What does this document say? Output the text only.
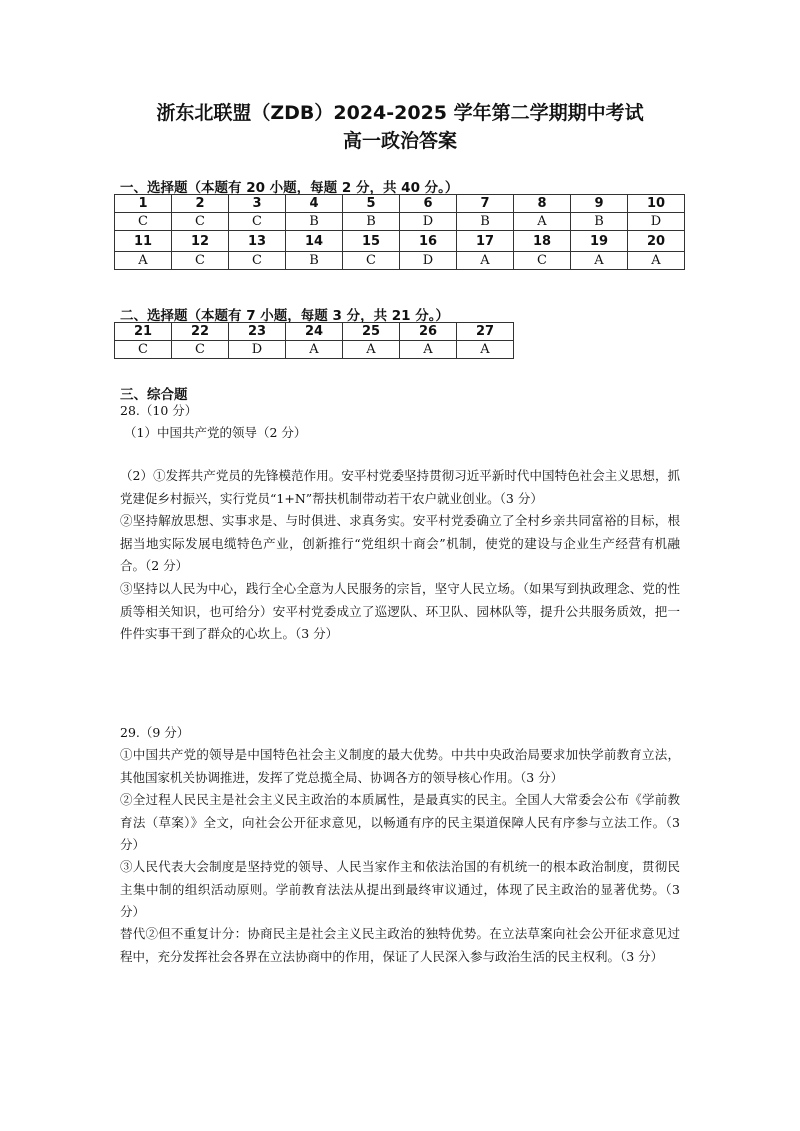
浙东北联盟（ZDB）2024-2025 学年第二学期期中考试
高一政治答案
一、选择题（本题有 20 小题，每题 2 分，共 40 分。）
1	2	3	4	5	6	7	8	9	10
C	C	C	B	B	D	B	A	B	D
11	12	13	14	15	16	17	18	19	20
A	C	C	B	C	D	A	C	A	A
二、选择题（本题有 7 小题，每题 3 分，共 21 分。）
21	22	23	24	25	26	27
C	C	D	A	A	A	A
三、综合题
28.（10 分）
（1）中国共产党的领导（2 分）
（2）①发挥共产党员的先锋模范作用。安平村党委坚持贯彻习近平新时代中国特色社会主义思想，抓党建促乡村振兴，实行党员“1+N”帮扶机制带动若干农户就业创业。（3 分）
②坚持解放思想、实事求是、与时俱进、求真务实。安平村党委确立了全村乡亲共同富裕的目标，根据当地实际发展电缆特色产业，创新推行“党组织十商会”机制，使党的建设与企业生产经营有机融合。（2 分）
③坚持以人民为中心，践行全心全意为人民服务的宗旨，坚守人民立场。（如果写到执政理念、党的性质等相关知识，也可给分）安平村党委成立了巡逻队、环卫队、园林队等，提升公共服务质效，把一件件实事干到了群众的心坎上。（3 分）
29.（9 分）
①中国共产党的领导是中国特色社会主义制度的最大优势。中共中央政治局要求加快学前教育立法，其他国家机关协调推进，发挥了党总揽全局、协调各方的领导核心作用。（3 分）
②全过程人民民主是社会主义民主政治的本质属性，是最真实的民主。全国人大常委会公布《学前教育法（草案）》全文，向社会公开征求意见，以畅通有序的民主渠道保障人民有序参与立法工作。（3 分）
③人民代表大会制度是坚持党的领导、人民当家作主和依法治国的有机统一的根本政治制度，贯彻民主集中制的组织活动原则。学前教育法法从提出到最终审议通过，体现了民主政治的显著优势。（3 分）
替代②但不重复计分：协商民主是社会主义民主政治的独特优势。在立法草案向社会公开征求意见过程中，充分发挥社会各界在立法协商中的作用，保证了人民深入参与政治生活的民主权利。（3 分）
